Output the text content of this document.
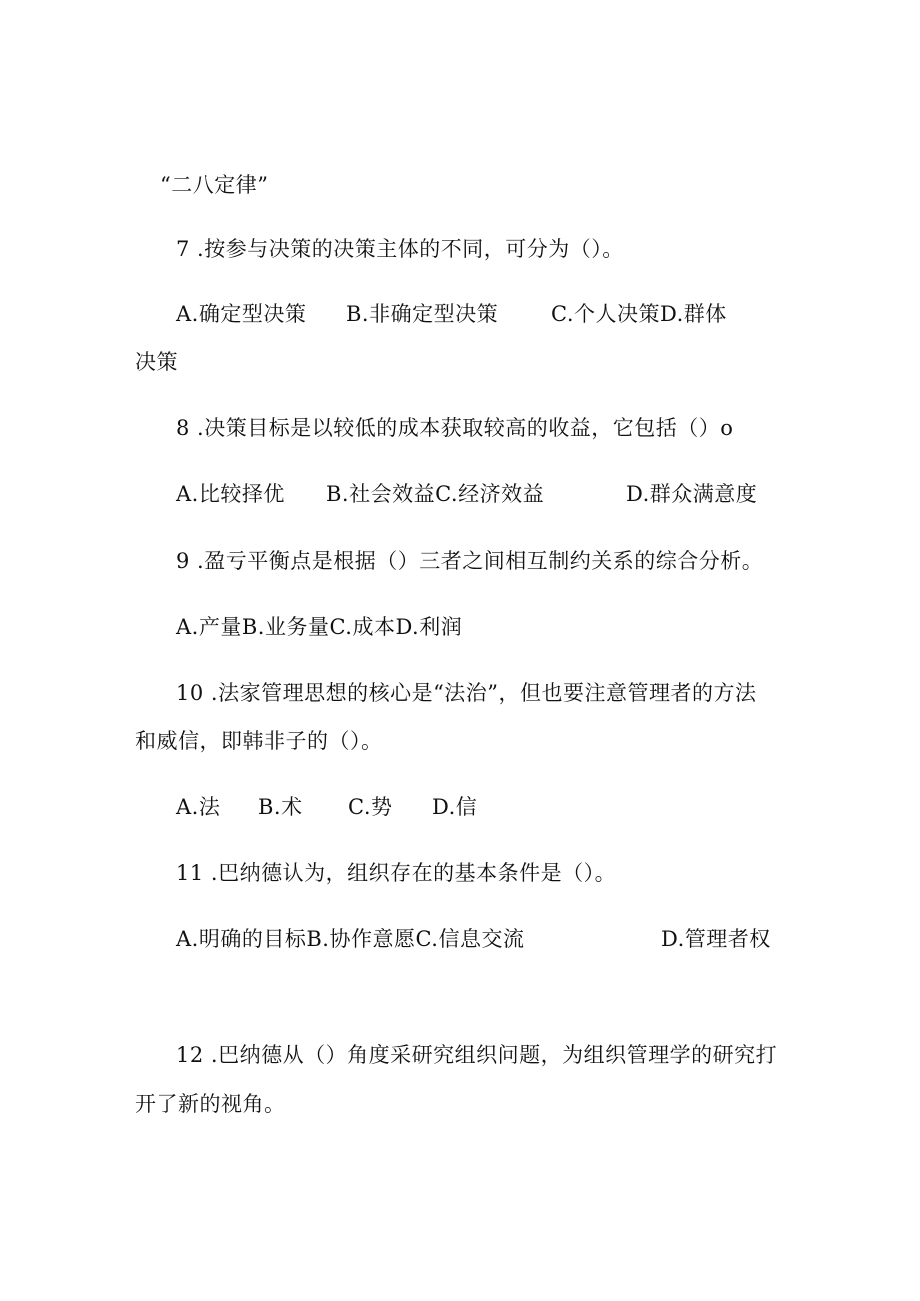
“二八定律”
7 .按参与决策的决策主体的不同，可分为（）。
A.确定型决策 B.非确定型决策	C.个人决策D.群体
决策
8 .决策目标是以较低的成本获取较高的收益，它包括（）o
A.比较择优 B.社会效益C.经济效益	D.群众满意度
9 .盈亏平衡点是根据（）三者之间相互制约关系的综合分析。
A.产量B.业务量C.成本D.利润
10 .法家管理思想的核心是“法治”，但也要注意管理者的方法
和威信，即韩非子的（）。
A.法 B.术 C.势 D.信
11 .巴纳德认为，组织存在的基本条件是（）。
A.明确的目标B.协作意愿C.信息交流	D.管理者权
12 .巴纳德从（）角度采研究组织问题，为组织管理学的研究打
开了新的视角。
